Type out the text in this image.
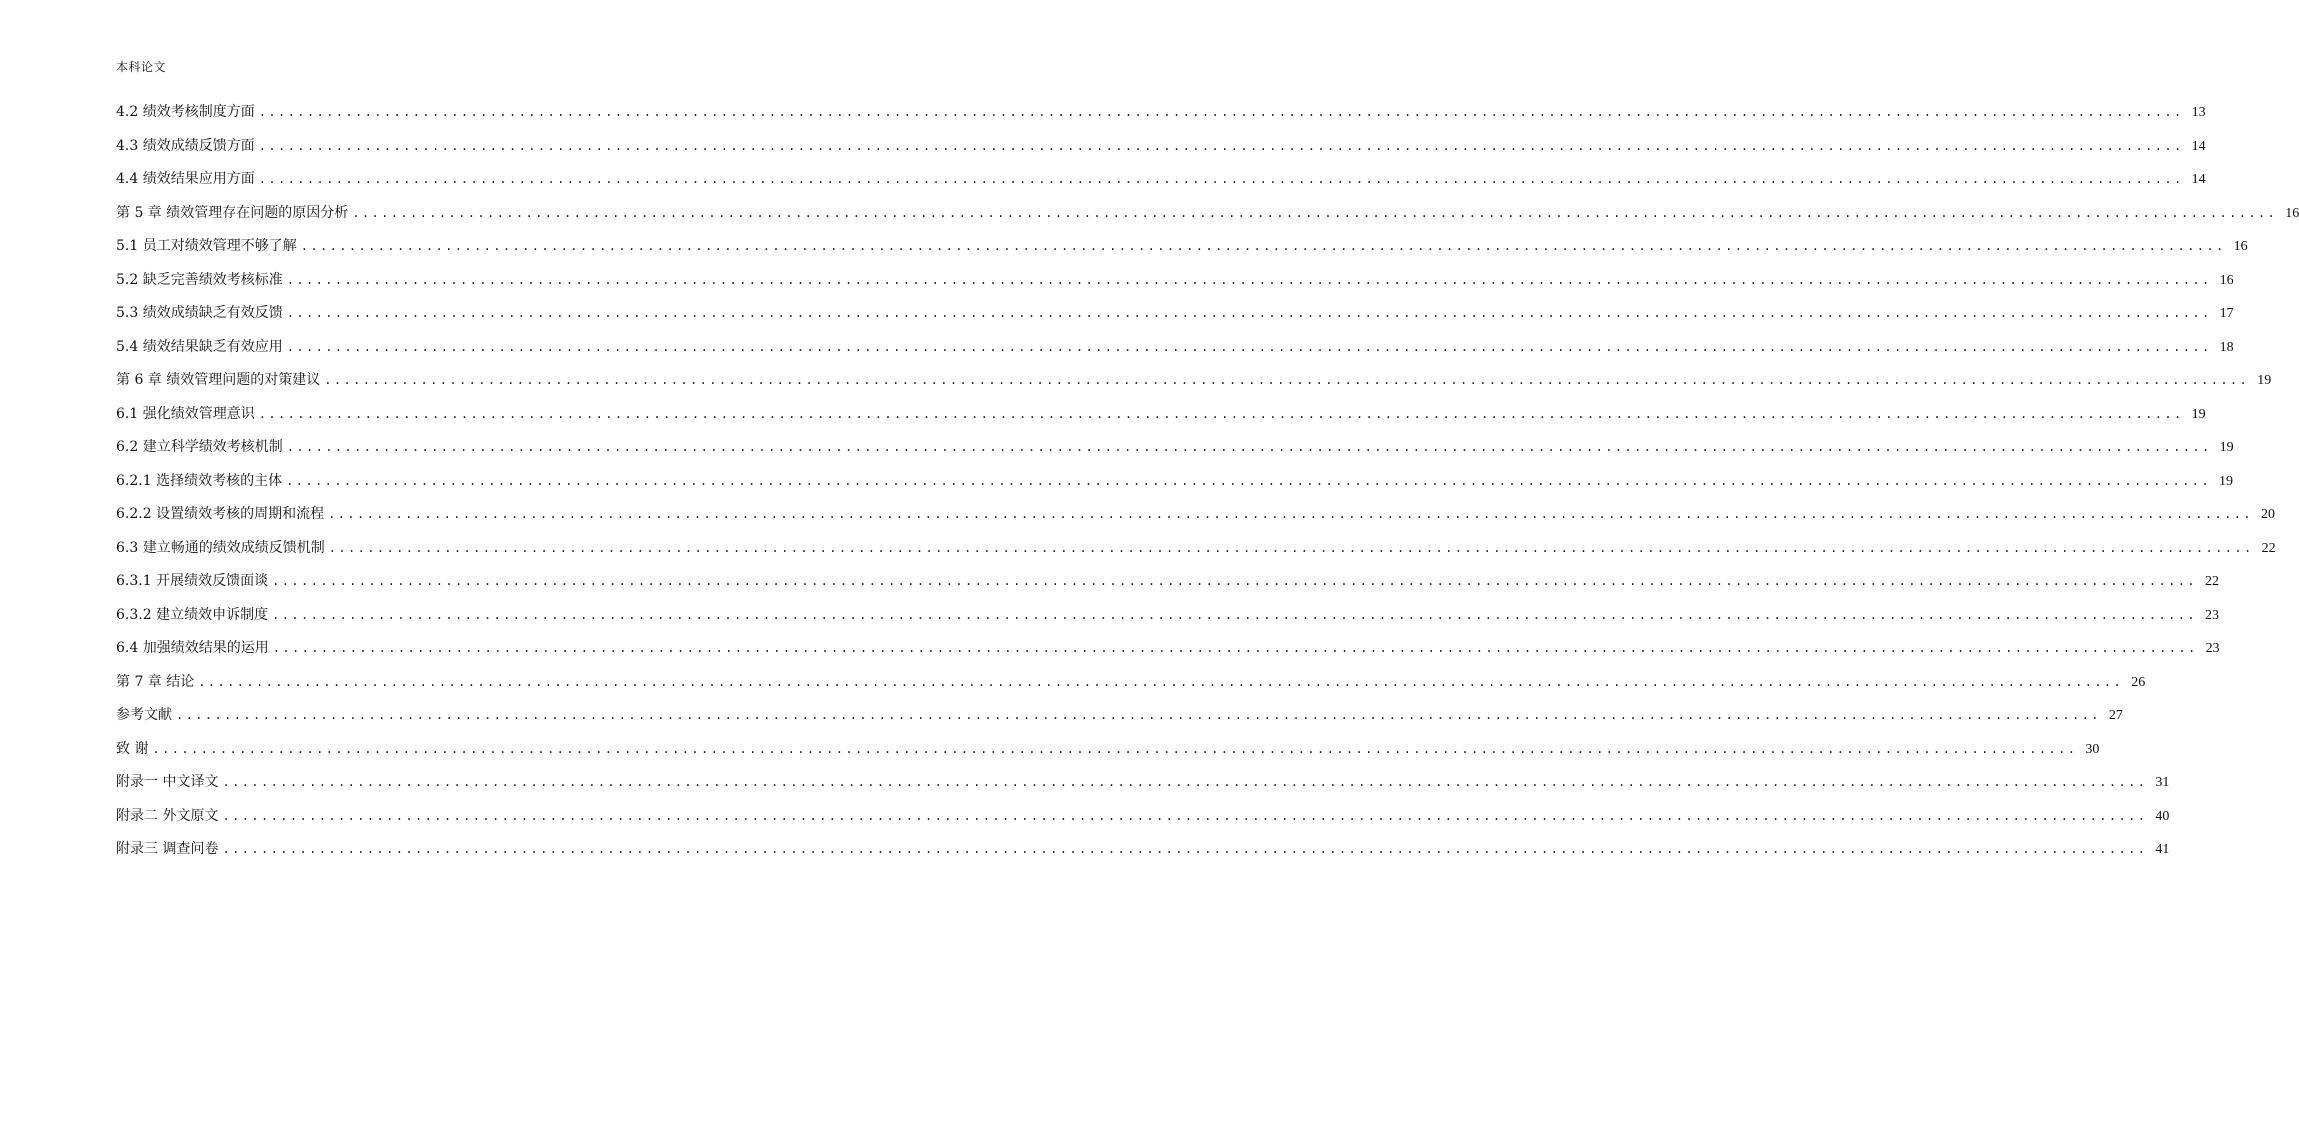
本科论文
4.2 绩效考核制度方面 ........................................................................................................................................................................................................ 13
4.3 绩效成绩反馈方面 ........................................................................................................................................................................................................ 14
4.4 绩效结果应用方面 ........................................................................................................................................................................................................ 14
第 5 章 绩效管理存在问题的原因分析 ........................................................................................................................................................................................................ 16
5.1 员工对绩效管理不够了解 ........................................................................................................................................................................................................ 16
5.2 缺乏完善绩效考核标准 ........................................................................................................................................................................................................ 16
5.3 绩效成绩缺乏有效反馈 ........................................................................................................................................................................................................ 17
5.4 绩效结果缺乏有效应用 ........................................................................................................................................................................................................ 18
第 6 章 绩效管理问题的对策建议 ........................................................................................................................................................................................................ 19
6.1 强化绩效管理意识 ........................................................................................................................................................................................................ 19
6.2 建立科学绩效考核机制 ........................................................................................................................................................................................................ 19
6.2.1 选择绩效考核的主体 ........................................................................................................................................................................................................ 19
6.2.2 设置绩效考核的周期和流程 ........................................................................................................................................................................................................ 20
6.3 建立畅通的绩效成绩反馈机制 ........................................................................................................................................................................................................ 22
6.3.1 开展绩效反馈面谈 ........................................................................................................................................................................................................ 22
6.3.2 建立绩效申诉制度 ........................................................................................................................................................................................................ 23
6.4 加强绩效结果的运用 ........................................................................................................................................................................................................ 23
第 7 章 结论 ........................................................................................................................................................................................................ 26
参考文献 ........................................................................................................................................................................................................ 27
致 谢 ........................................................................................................................................................................................................ 30
附录一 中文译文 ........................................................................................................................................................................................................ 31
附录二 外文原文 ........................................................................................................................................................................................................ 40
附录三 调查问卷 ........................................................................................................................................................................................................ 41
